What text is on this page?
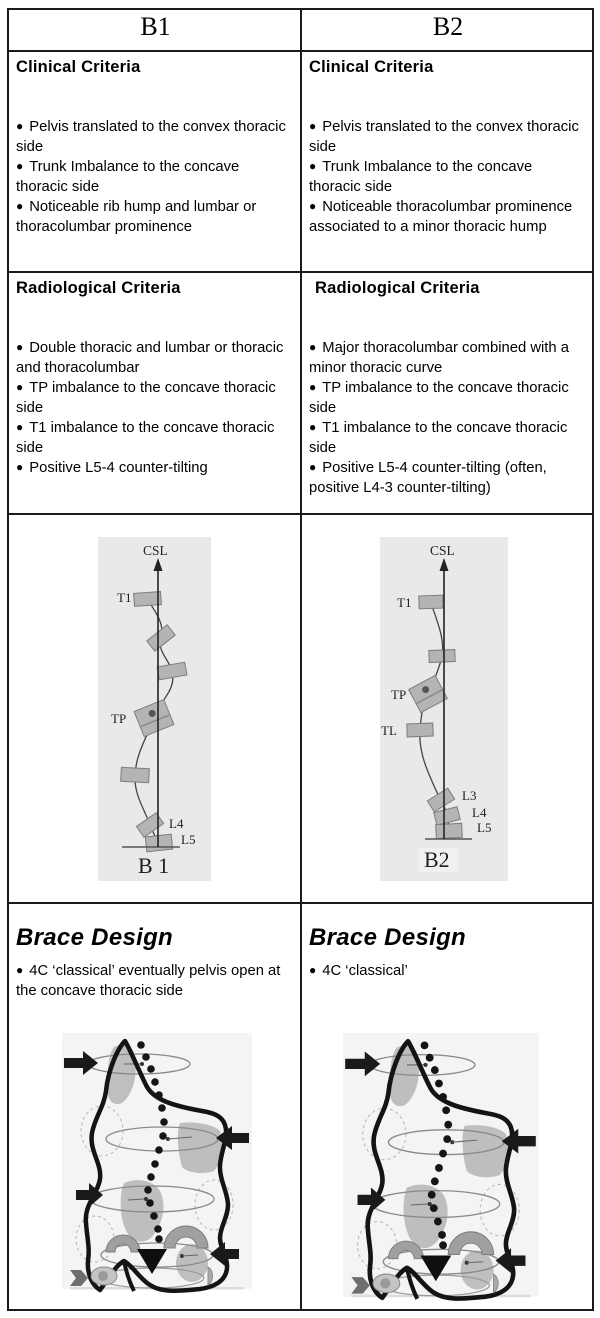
B1	B2
Clinical Criteria

● Pelvis translated to the convex thoracic side

● Trunk Imbalance to the concave thoracic side

● Noticeable rib hump and lumbar or thoracolumbar prominence

Clinical Criteria

● Pelvis translated to the convex thoracic side

● Trunk Imbalance to the concave thoracic side

● Noticeable thoracolumbar prominence associated to a minor thoracic hump

Radiological Criteria

● Double thoracic and lumbar or thoracic and thoracolumbar

● TP imbalance to the concave thoracic side

● T1 imbalance to the concave thoracic side

● Positive L5-4 counter-tilting

Radiological Criteria

● Major thoracolumbar combined with a minor thoracic curve

● TP imbalance to the concave thoracic side

● T1 imbalance to the concave thoracic side

● Positive L5-4 counter-tilting (often, positive L4-3 counter-tilting)

CSL
T1
TP
L4
L5
B 1
CSL
T1
TP
TL
L3
L4
L5
B2
Brace Design

● 4C ‘classical’ eventually pelvis open at the concave thoracic side

Brace Design

● 4C ‘classical’
